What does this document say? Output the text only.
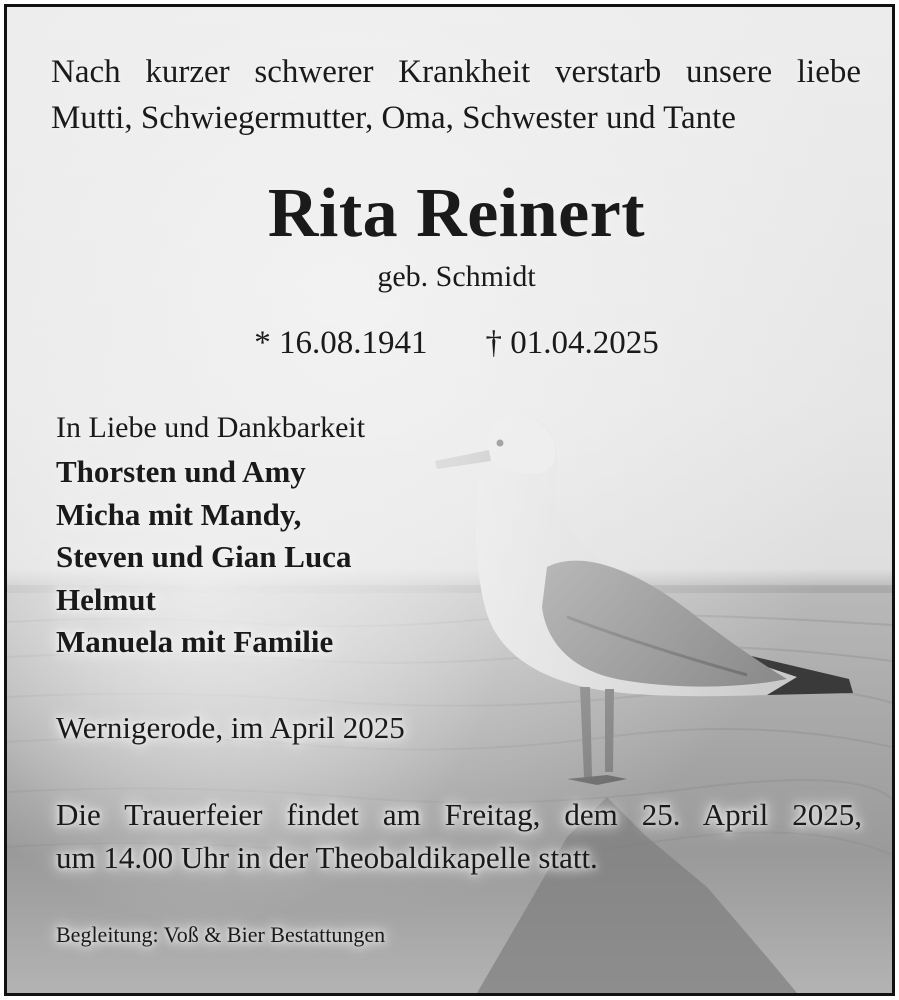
Nach kurzer schwerer Krankheit verstarb unsere liebe
Mutti, Schwiegermutter, Oma, Schwester und Tante
Rita Reinert
geb. Schmidt
* 16.08.1941 † 01.04.2025
In Liebe und Dankbarkeit
Thorsten und Amy
Micha mit Mandy,
Steven und Gian Luca
Helmut
Manuela mit Familie
Wernigerode, im April 2025
Die Trauerfeier findet am Freitag, dem 25. April 2025,
um 14.00 Uhr in der Theobaldikapelle statt.
Begleitung: Voß & Bier Bestattungen
